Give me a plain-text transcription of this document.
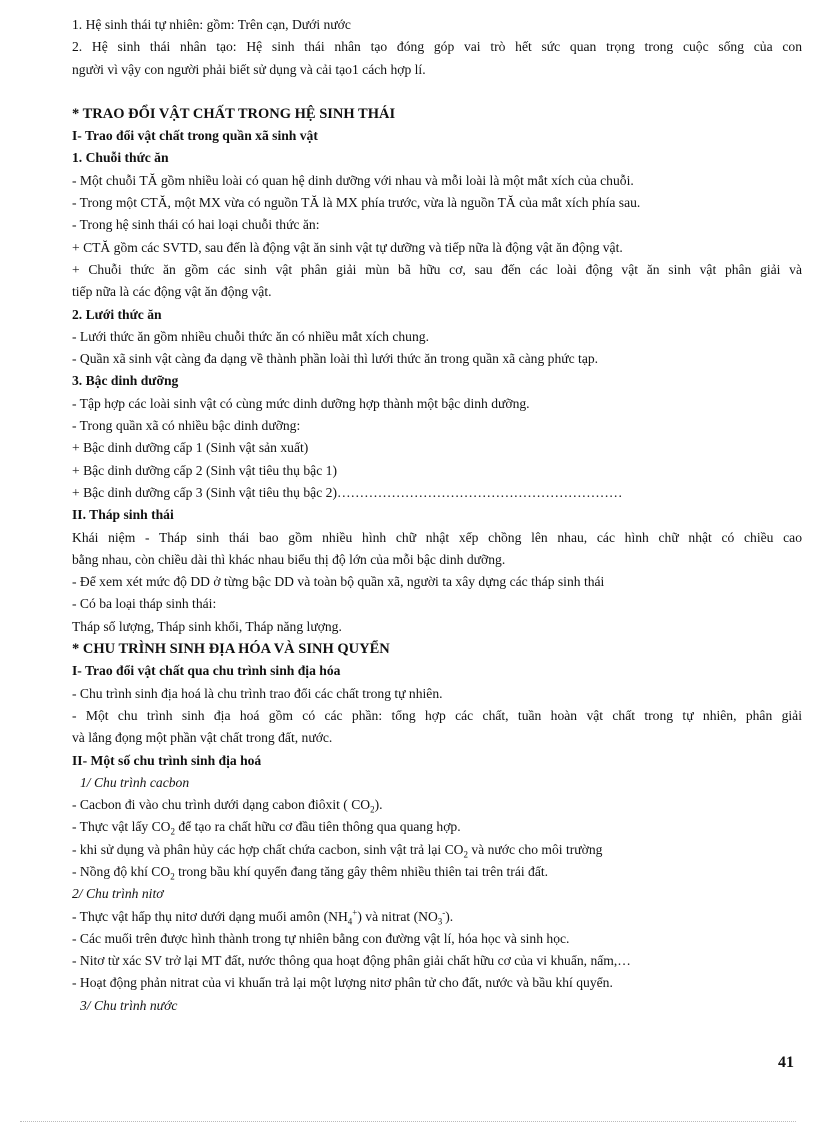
1. Hệ sinh thái tự nhiên: gồm: Trên cạn, Dưới nước
2. Hệ sinh thái nhân tạo: Hệ sinh thái nhân tạo đóng góp vai trò hết sức quan trọng trong cuộc sống của con
người vì vậy con người phải biết sử dụng và cải tạo1 cách hợp lí.
* TRAO ĐỔI VẬT CHẤT TRONG HỆ SINH THÁI
I- Trao đổi vật chất trong quần xã sinh vật
1. Chuỗi thức ăn
- Một chuỗi TĂ gồm nhiều loài có quan hệ dinh dưỡng với nhau và mỗi loài là một mắt xích của chuỗi.
- Trong một CTĂ, một MX vừa có nguồn TĂ là MX phía trước, vừa là nguồn TĂ của mắt xích phía sau.
- Trong hệ sinh thái có hai loại chuỗi thức ăn:
+ CTĂ gồm các SVTD, sau đến là động vật ăn sinh vật tự dưỡng và tiếp nữa là động vật ăn động vật.
+ Chuỗi thức ăn gồm các sinh vật phân giải mùn bã hữu cơ, sau đến các loài động vật ăn sinh vật phân giải và
tiếp nữa là các động vật ăn động vật.
2. Lưới thức ăn
- Lưới thức ăn gồm nhiều chuỗi thức ăn có nhiều mắt xích chung.
- Quần xã sinh vật càng đa dạng về thành phần loài thì lưới thức ăn trong quần xã càng phức tạp.
3. Bậc dinh dưỡng
- Tập hợp các loài sinh vật có cùng mức dinh dưỡng hợp thành một bậc dinh dưỡng.
- Trong quần xã có nhiều bậc dinh dưỡng:
+ Bậc dinh dưỡng cấp 1 (Sinh vật sản xuất)
+ Bậc dinh dưỡng cấp 2 (Sinh vật tiêu thụ bậc 1)
+ Bậc dinh dưỡng cấp 3 (Sinh vật tiêu thụ bậc 2)………………………………………………………
II. Tháp sinh thái
Khái niệm - Tháp sinh thái bao gồm nhiều hình chữ nhật xếp chồng lên nhau, các hình chữ nhật có chiều cao
bằng nhau, còn chiều dài thì khác nhau biểu thị độ lớn của mỗi bậc dinh dưỡng.
- Để xem xét mức độ DD ở từng bậc DD và toàn bộ quần xã, người ta xây dựng các tháp sinh thái
- Có ba loại tháp sinh thái:
Tháp số lượng, Tháp sinh khối, Tháp năng lượng.
* CHU TRÌNH SINH ĐỊA HÓA VÀ SINH QUYỂN
I- Trao đổi vật chất qua chu trình sinh địa hóa
- Chu trình sinh địa hoá là chu trình trao đổi các chất trong tự nhiên.
- Một chu trình sinh địa hoá gồm có các phần: tổng hợp các chất, tuần hoàn vật chất trong tự nhiên, phân giải
và lắng đọng một phần vật chất trong đất, nước.
II- Một số chu trình sinh địa hoá
1/ Chu trình cacbon
- Cacbon đi vào chu trình dưới dạng cabon điôxit ( $CO_2$).
- Thực vật lấy $CO_2$ để tạo ra chất hữu cơ đầu tiên thông qua quang hợp.
- khi sử dụng và phân hủy các hợp chất chứa cacbon, sinh vật trả lại $CO_2$ và nước cho môi trường
- Nồng độ khí $CO_2$ trong bầu khí quyển đang tăng gây thêm nhiều thiên tai trên trái đất.
2/ Chu trình nitơ
- Thực vật hấp thụ nitơ dưới dạng muối amôn $(NH_4^+)$ và nitrat $(NO_3^-)$.
- Các muối trên được hình thành trong tự nhiên bằng con đường vật lí, hóa học và sinh học.
- Nitơ từ xác SV trở lại MT đất, nước thông qua hoạt động phân giải chất hữu cơ của vi khuẩn, nấm,…
- Hoạt động phản nitrat của vi khuẩn trả lại một lượng nitơ phân tử cho đất, nước và bầu khí quyển.
3/ Chu trình nước
41
